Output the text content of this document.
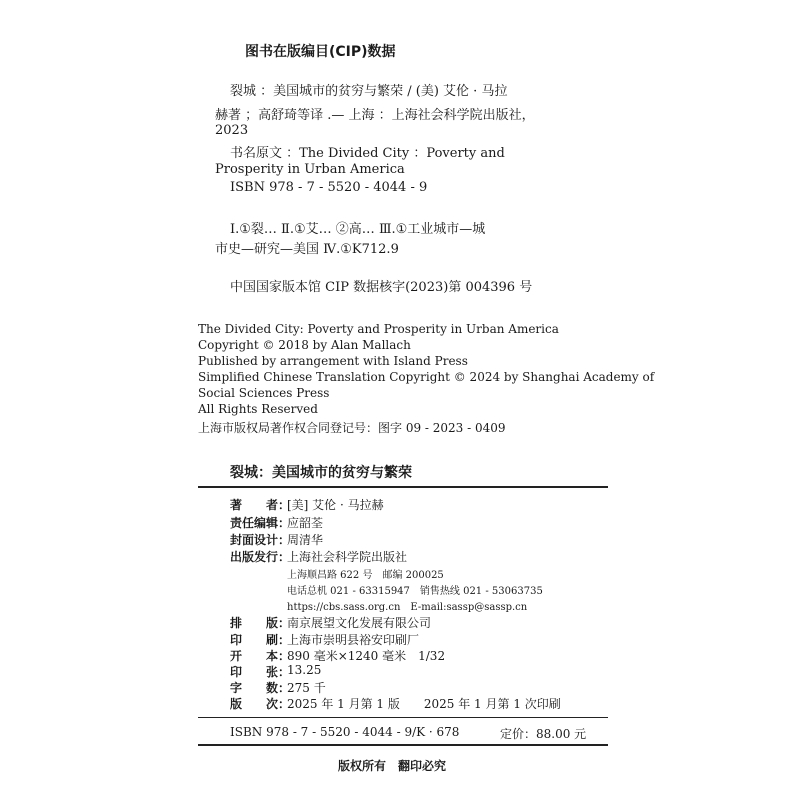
图书在版编目(CIP)数据
裂城 ：美国城市的贫穷与繁荣 / (美) 艾伦 · 马拉
赫著 ；高舒琦等译 .— 上海 ：上海社会科学院出版社，
2023
书名原文 ：The Divided City ：Poverty and
Prosperity in Urban America
ISBN 978 - 7 - 5520 - 4044 - 9
Ⅰ.①裂… Ⅱ.①艾… ②高… Ⅲ.①工业城市—城
市史—研究—美国 Ⅳ.①K712.9
中国国家版本馆 CIP 数据核字(2023)第 004396 号
The Divided City: Poverty and Prosperity in Urban America
Copyright © 2018 by Alan Mallach
Published by arrangement with Island Press
Simplified Chinese Translation Copyright © 2024 by Shanghai Academy of
Social Sciences Press
All Rights Reserved
上海市版权局著作权合同登记号：图字 09 - 2023 - 0409
裂城：美国城市的贫穷与繁荣
著　　者：
[美] 艾伦 · 马拉赫
责任编辑：
应韶荃
封面设计：
周清华
出版发行：
上海社会科学院出版社
上海顺昌路 622 号　邮编 200025
电话总机 021 - 63315947　销售热线 021 - 53063735
https://cbs.sass.org.cn　E-mail:sassp@sassp.cn
排　　版：
南京展望文化发展有限公司
印　　刷：
上海市崇明县裕安印刷厂
开　　本：
890 毫米×1240 毫米　1/32
印　　张：
13.25
字　　数：
275 千
版　　次：
2025 年 1 月第 1 版　　2025 年 1 月第 1 次印刷
ISBN 978 - 7 - 5520 - 4044 - 9/K · 678	定价：88.00 元
版权所有　翻印必究
